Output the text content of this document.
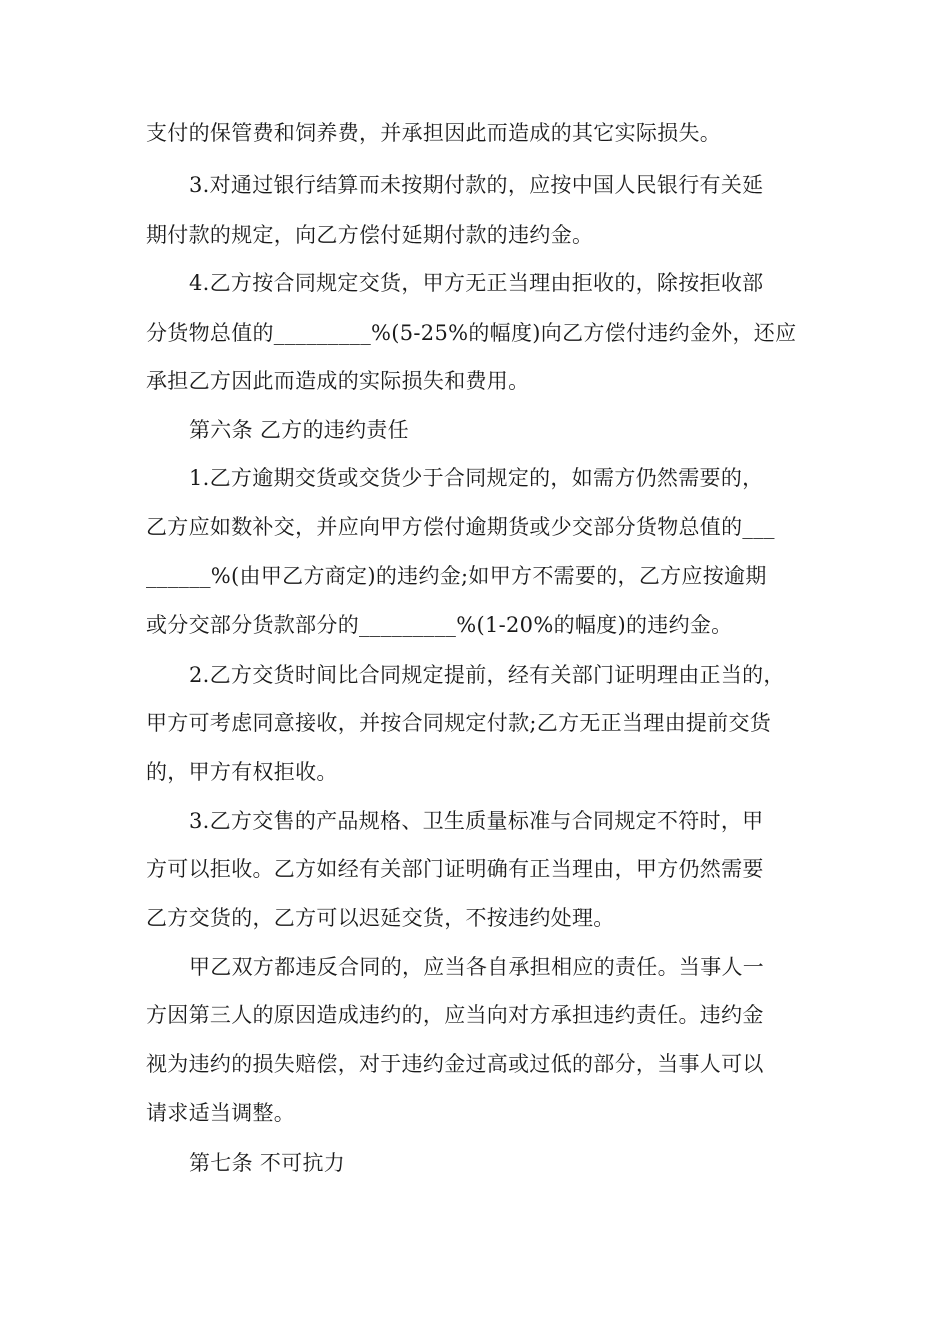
支付的保管费和饲养费，并承担因此而造成的其它实际损失。
3.对通过银行结算而未按期付款的，应按中国人民银行有关延
期付款的规定，向乙方偿付延期付款的违约金。
4.乙方按合同规定交货，甲方无正当理由拒收的，除按拒收部
分货物总值的_________%(5-25%的幅度)向乙方偿付违约金外，还应
承担乙方因此而造成的实际损失和费用。
第六条 乙方的违约责任
1.乙方逾期交货或交货少于合同规定的，如需方仍然需要的，
乙方应如数补交，并应向甲方偿付逾期货或少交部分货物总值的___
______%(由甲乙方商定)的违约金;如甲方不需要的，乙方应按逾期
或分交部分货款部分的_________%(1-20%的幅度)的违约金。
2.乙方交货时间比合同规定提前，经有关部门证明理由正当的，
甲方可考虑同意接收，并按合同规定付款;乙方无正当理由提前交货
的，甲方有权拒收。
3.乙方交售的产品规格、卫生质量标准与合同规定不符时，甲
方可以拒收。乙方如经有关部门证明确有正当理由，甲方仍然需要
乙方交货的，乙方可以迟延交货，不按违约处理。
甲乙双方都违反合同的，应当各自承担相应的责任。当事人一
方因第三人的原因造成违约的，应当向对方承担违约责任。违约金
视为违约的损失赔偿，对于违约金过高或过低的部分，当事人可以
请求适当调整。
第七条 不可抗力
